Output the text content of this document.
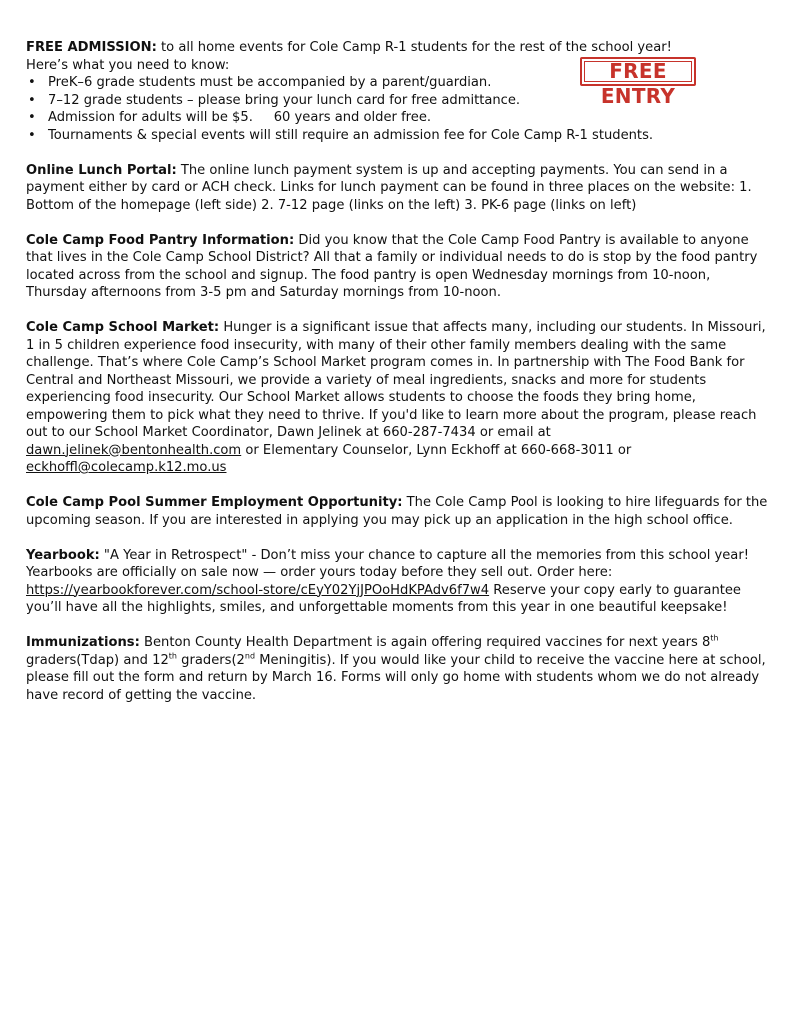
FREE ENTRY

FREE ADMISSION: to all home events for Cole Camp R-1 students for the rest of the school year!

Here’s what you need to know:

• PreK–6 grade students must be accompanied by a parent/guardian.
• 7–12 grade students – please bring your lunch card for free admittance.
• Admission for adults will be $5.     60 years and older free.
• Tournaments & special events will still require an admission fee for Cole Camp R-1 students.

Online Lunch Portal: The online lunch payment system is up and accepting payments. You can send in a payment either by card or ACH check. Links for lunch payment can be found in three places on the website: 1. Bottom of the homepage (left side) 2. 7-12 page (links on the left) 3. PK-6 page (links on left)

Cole Camp Food Pantry Information: Did you know that the Cole Camp Food Pantry is available to anyone that lives in the Cole Camp School District? All that a family or individual needs to do is stop by the food pantry located across from the school and signup. The food pantry is open Wednesday mornings from 10-noon, Thursday afternoons from 3-5 pm and Saturday mornings from 10-noon.

Cole Camp School Market: Hunger is a significant issue that affects many, including our students. In Missouri, 1 in 5 children experience food insecurity, with many of their other family members dealing with the same challenge. That’s where Cole Camp’s School Market program comes in. In partnership with The Food Bank for Central and Northeast Missouri, we provide a variety of meal ingredients, snacks and more for students experiencing food insecurity. Our School Market allows students to choose the foods they bring home, empowering them to pick what they need to thrive. If you'd like to learn more about the program, please reach out to our School Market Coordinator, Dawn Jelinek at 660-287-7434 or email at dawn.jelinek@bentonhealth.com or Elementary Counselor, Lynn Eckhoff at 660-668-3011 or eckhoffl@colecamp.k12.mo.us

Cole Camp Pool Summer Employment Opportunity: The Cole Camp Pool is looking to hire lifeguards for the upcoming season. If you are interested in applying you may pick up an application in the high school office.

Yearbook: "A Year in Retrospect" - Don’t miss your chance to capture all the memories from this school year! Yearbooks are officially on sale now — order yours today before they sell out. Order here: https://yearbookforever.com/school-store/cEyY02YjJPOoHdKPAdv6f7w4 Reserve your copy early to guarantee you’ll have all the highlights, smiles, and unforgettable moments from this year in one beautiful keepsake!

Immunizations: Benton County Health Department is again offering required vaccines for next years 8th graders(Tdap) and 12th graders(2nd Meningitis). If you would like your child to receive the vaccine here at school, please fill out the form and return by March 16. Forms will only go home with students whom we do not already have record of getting the vaccine.
